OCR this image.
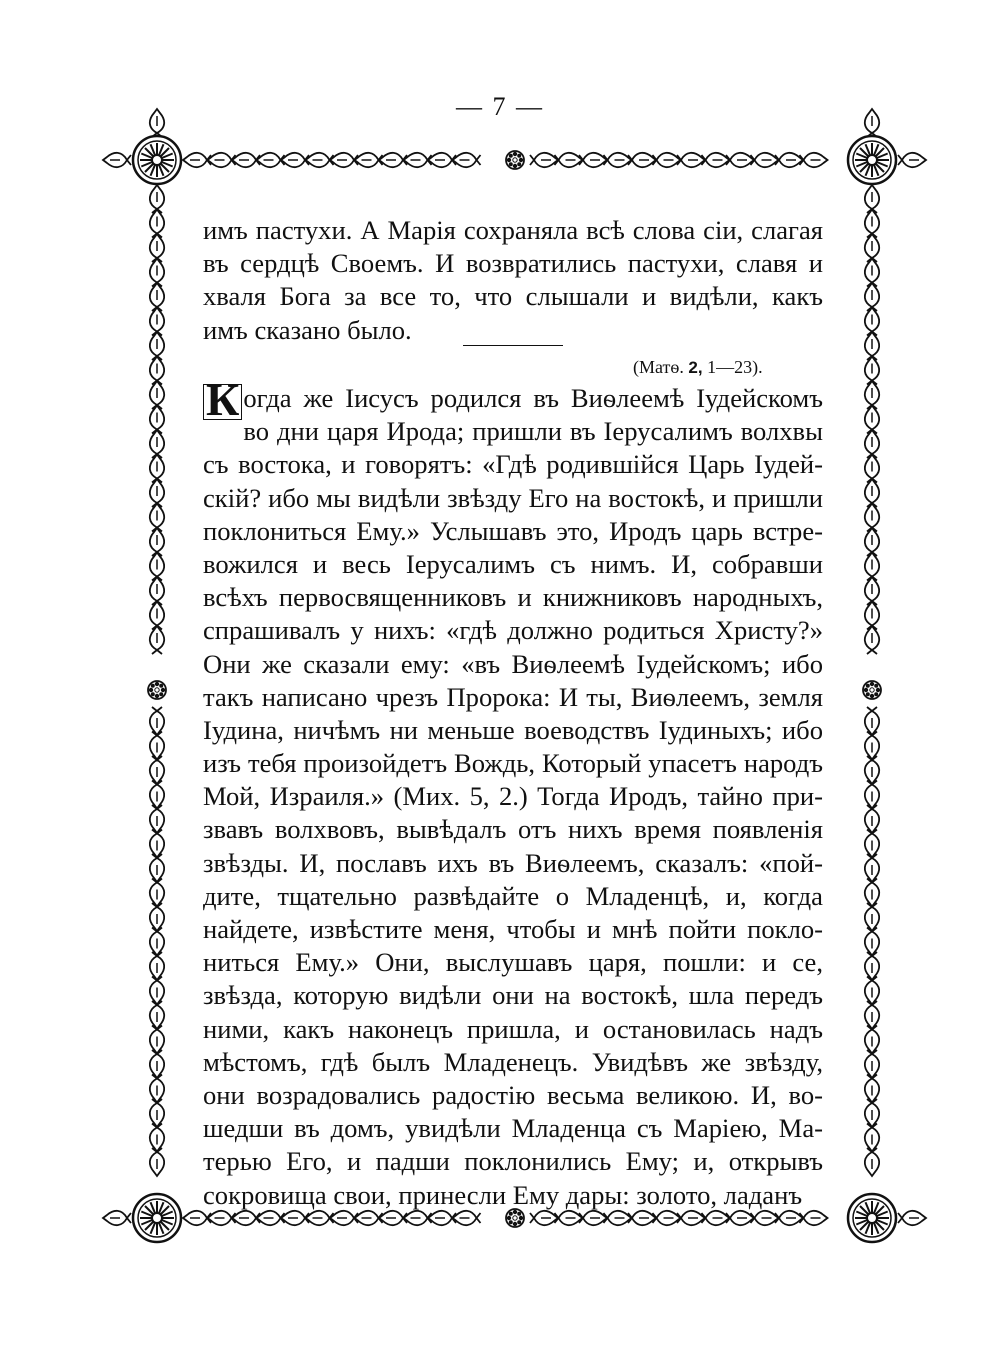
— 7 —
имъ пастухи. А Марія сохраняла всѣ слова сіи, слагая
въ сердцѣ Своемъ. И возвратились пастухи, славя и
хваля Бога за все то, что слышали и видѣли, какъ
имъ сказано было.
(Матѳ. 2, 1—23).
К огда же Іисусъ родился въ Виѳлеемѣ Іудейскомъ
во дни царя Ирода; пришли въ Іерусалимъ волхвы
съ востока, и говорятъ: «Гдѣ родившійся Царь Іудей-
скій? ибо мы видѣли звѣзду Его на востокѣ, и пришли
поклониться Ему.» Услышавъ это, Иродъ царь встре-
вожился и весь Іерусалимъ съ нимъ. И, собравши
всѣхъ первосвященниковъ и книжниковъ народныхъ,
спрашивалъ у нихъ: «гдѣ должно родиться Христу?»
Они же сказали ему: «въ Виѳлеемѣ Іудейскомъ; ибо
такъ написано чрезъ Пророка: И ты, Виѳлеемъ, земля
Іудина, ничѣмъ ни меньше воеводствъ Іудиныхъ; ибо
изъ тебя произойдетъ Вождь, Который упасетъ народъ
Мой, Израиля.» (Мих. 5, 2.) Тогда Иродъ, тайно при-
звавъ волхвовъ, вывѣдалъ отъ нихъ время появленія
звѣзды. И, пославъ ихъ въ Виѳлеемъ, сказалъ: «пой-
дите, тщательно развѣдайте о Младенцѣ, и, когда
найдете, извѣстите меня, чтобы и мнѣ пойти покло-
ниться Ему.» Они, выслушавъ царя, пошли: и се,
звѣзда, которую видѣли они на востокѣ, шла передъ
ними, какъ наконецъ пришла, и остановилась надъ
мѣстомъ, гдѣ былъ Младенецъ. Увидѣвъ же звѣзду,
они возрадовались радостію весьма великою. И, во-
шедши въ домъ, увидѣли Младенца съ Маріею, Ма-
терью Его, и падши поклонились Ему; и, открывъ
сокровища свои, принесли Ему дары: золото, ладанъ
